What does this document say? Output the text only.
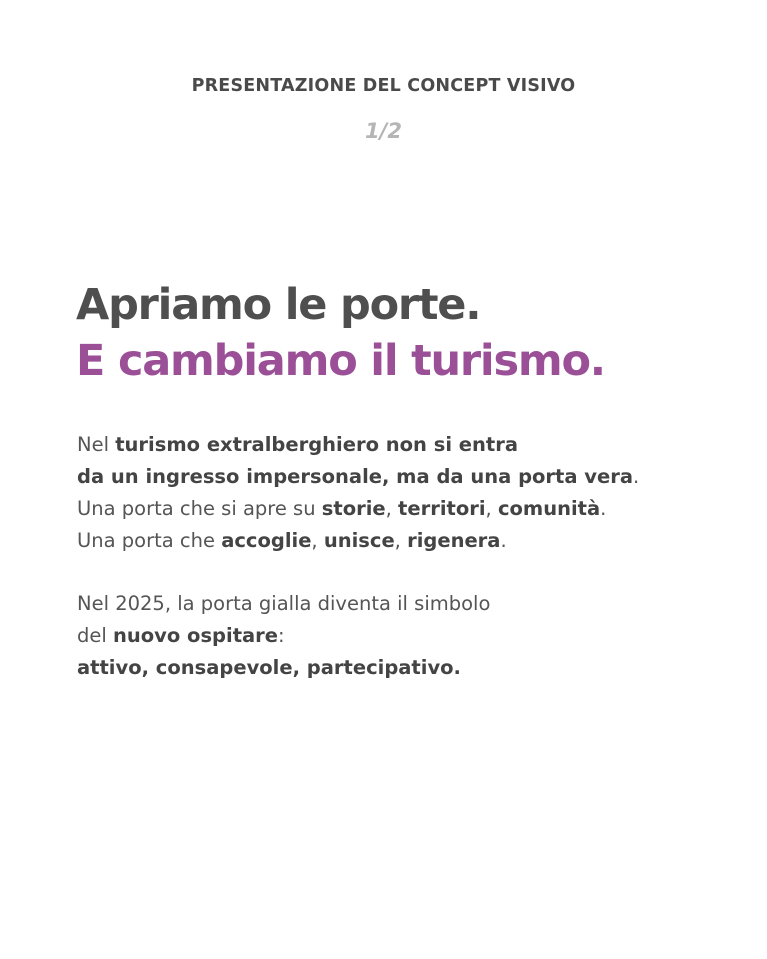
PRESENTAZIONE DEL CONCEPT VISIVO
1/2
Apriamo le porte.
E cambiamo il turismo.

Nel turismo extralberghiero non si entra
da un ingresso impersonale, ma da una porta vera.
Una porta che si apre su storie, territori, comunità.
Una porta che accoglie, unisce, rigenera.

Nel 2025, la porta gialla diventa il simbolo
del nuovo ospitare:
attivo, consapevole, partecipativo.
